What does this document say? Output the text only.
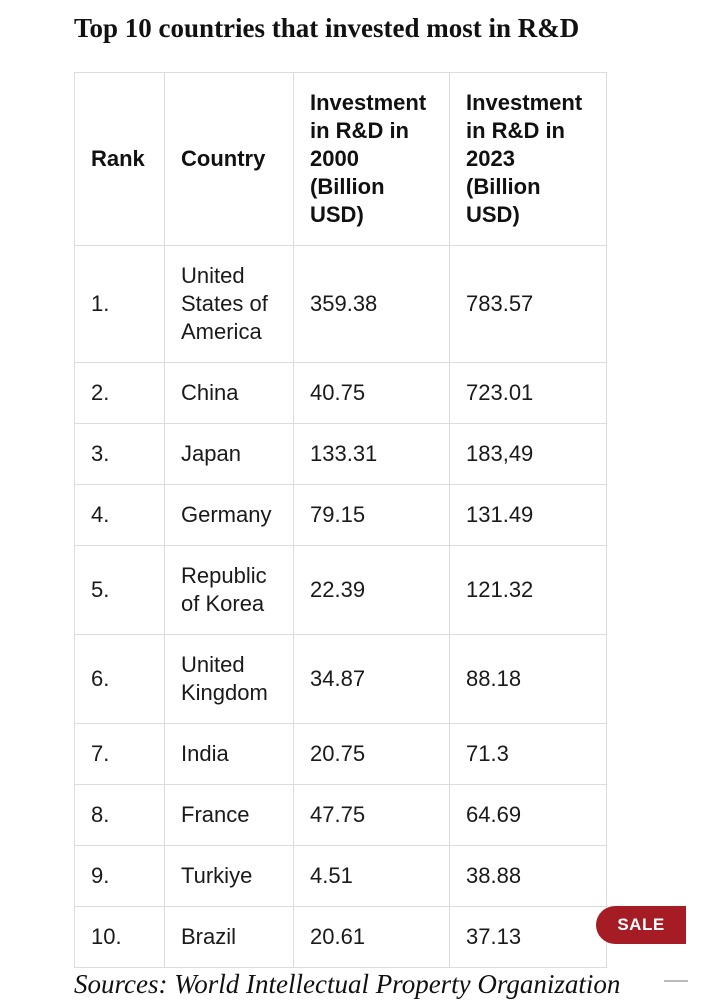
Top 10 countries that invested most in R&D
Rank	Country	Investment in R&D in 2000 (Billion USD)	Investment in R&D in 2023 (Billion USD)
1.	United States of America	359.38	783.57
2.	China	40.75	723.01
3.	Japan	133.31	183,49
4.	Germany	79.15	131.49
5.	Republic of Korea	22.39	121.32
6.	United Kingdom	34.87	88.18
7.	India	20.75	71.3
8.	France	47.75	64.69
9.	Turkiye	4.51	38.88
10.	Brazil	20.61	37.13

Sources: World Intellectual Property Organization

SALE
